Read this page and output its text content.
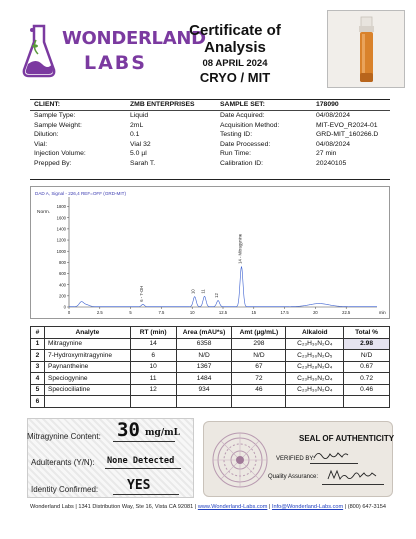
WONDERLAND
LABS
Certificate of Analysis
08 APRIL 2024
CRYO / MIT
CLIENT:	ZMB ENTERPRISES	SAMPLE SET:	178090
Sample Type:	Liquid	Date Acquired:	04/08/2024
Sample Weight:	2mL	Acquisition Method:	MIT-EVO_R2024-01
Dilution:	0.1	Testing ID:	GRD-MIT_160266.D
Vial:	Vial 32	Date Processed:	04/08/2024
Injection Volume:	5.0 µl	Run Time:	27 min
Prepped By:	Sarah T.	Calibration ID:	20240105
DAD A, Signal - 226,4 REF=OFF (GRD-MIT)
Norm.
1800
1600
1400
1200
1000
800
600
400
200
0
0	2.5	5	7.5	10	12.5	15	17.5	20	22.5	min
6 - 7-OH	10 11
12
14 - Mitragynine
#	Analyte	RT (min)	Area (mAU*s)	Amt (µg/mL)	Alkaloid	Total %
1	Mitragynine	14	6358	298	C₂₃H₃₀N₂O₄	2.98
2	7-Hydroxymitragynine	6	N/D	N/D	C₂₃H₃₀N₂O₅	N/D
3	Paynantheine	10	1367	67	C₂₃H₂₈N₂O₄	0.67
4	Speciogynine	11	1484	72	C₂₃H₃₀N₂O₄	0.72
5	Speciociliatine	12	934	46	C₂₃H₃₀N₂O₄	0.46
6						
Mitragynine Content: 30 mg/mL
Adulterants (Y/N): None Detected
Identity Confirmed: YES
SEAL OF AUTHENTICITY
VERIFIED BY:
Quality Assurance:
Wonderland Labs | 1341 Distribution Way, Ste 16, Vista CA 92081 | www.Wonderland-Labs.com | Info@Wonderland-Labs.com | (800) 647-3154
